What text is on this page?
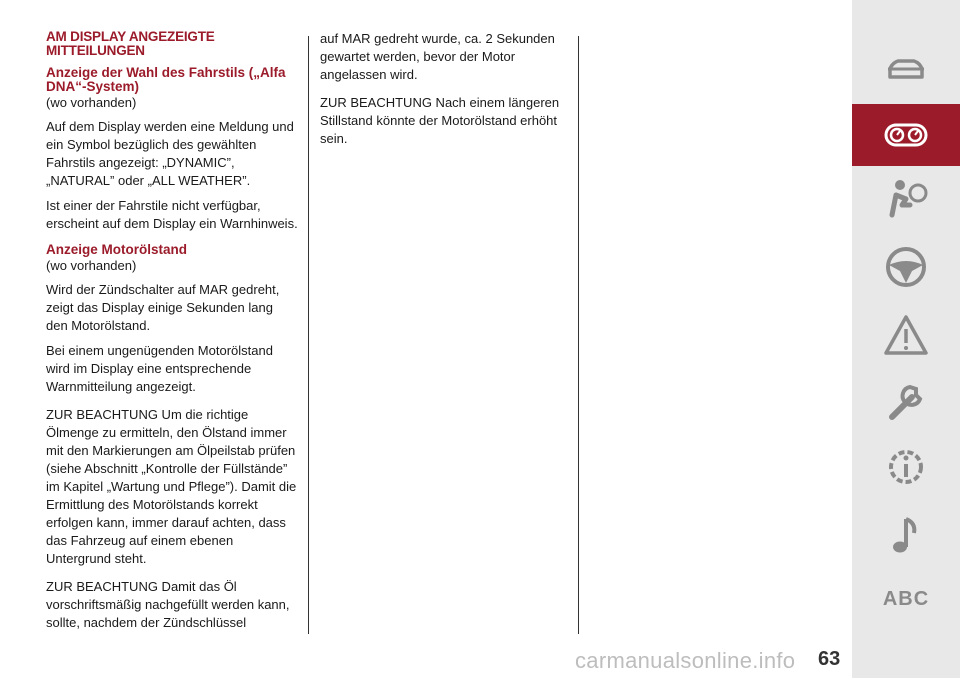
AM DISPLAY ANGEZEIGTE MITTEILUNGEN
Anzeige der Wahl des Fahrstils („Alfa DNA“-System)
(wo vorhanden)

Auf dem Display werden eine Meldung und ein Symbol bezüglich des gewählten Fahrstils angezeigt: „DYNAMIC”, „NATURAL” oder „ALL WEATHER”.

Ist einer der Fahrstile nicht verfügbar, erscheint auf dem Display ein Warnhinweis.

Anzeige Motorölstand
(wo vorhanden)

Wird der Zündschalter auf MAR gedreht, zeigt das Display einige Sekunden lang den Motorölstand.

Bei einem ungenügenden Motorölstand wird im Display eine entsprechende Warnmitteilung angezeigt.

ZUR BEACHTUNG Um die richtige Ölmenge zu ermitteln, den Ölstand immer mit den Markierungen am Ölpeilstab prüfen (siehe Abschnitt „Kontrolle der Füllstände” im Kapitel „Wartung und Pflege”). Damit die Ermittlung des Motorölstands korrekt erfolgen kann, immer darauf achten, dass das Fahrzeug auf einem ebenen Untergrund steht.

ZUR BEACHTUNG Damit das Öl vorschriftsmäßig nachgefüllt werden kann, sollte, nachdem der Zündschlüssel

auf MAR gedreht wurde, ca. 2 Sekunden gewartet werden, bevor der Motor angelassen wird.

ZUR BEACHTUNG Nach einem längeren Stillstand könnte der Motorölstand erhöht sein.

ABC
carmanualsonline.info 63
